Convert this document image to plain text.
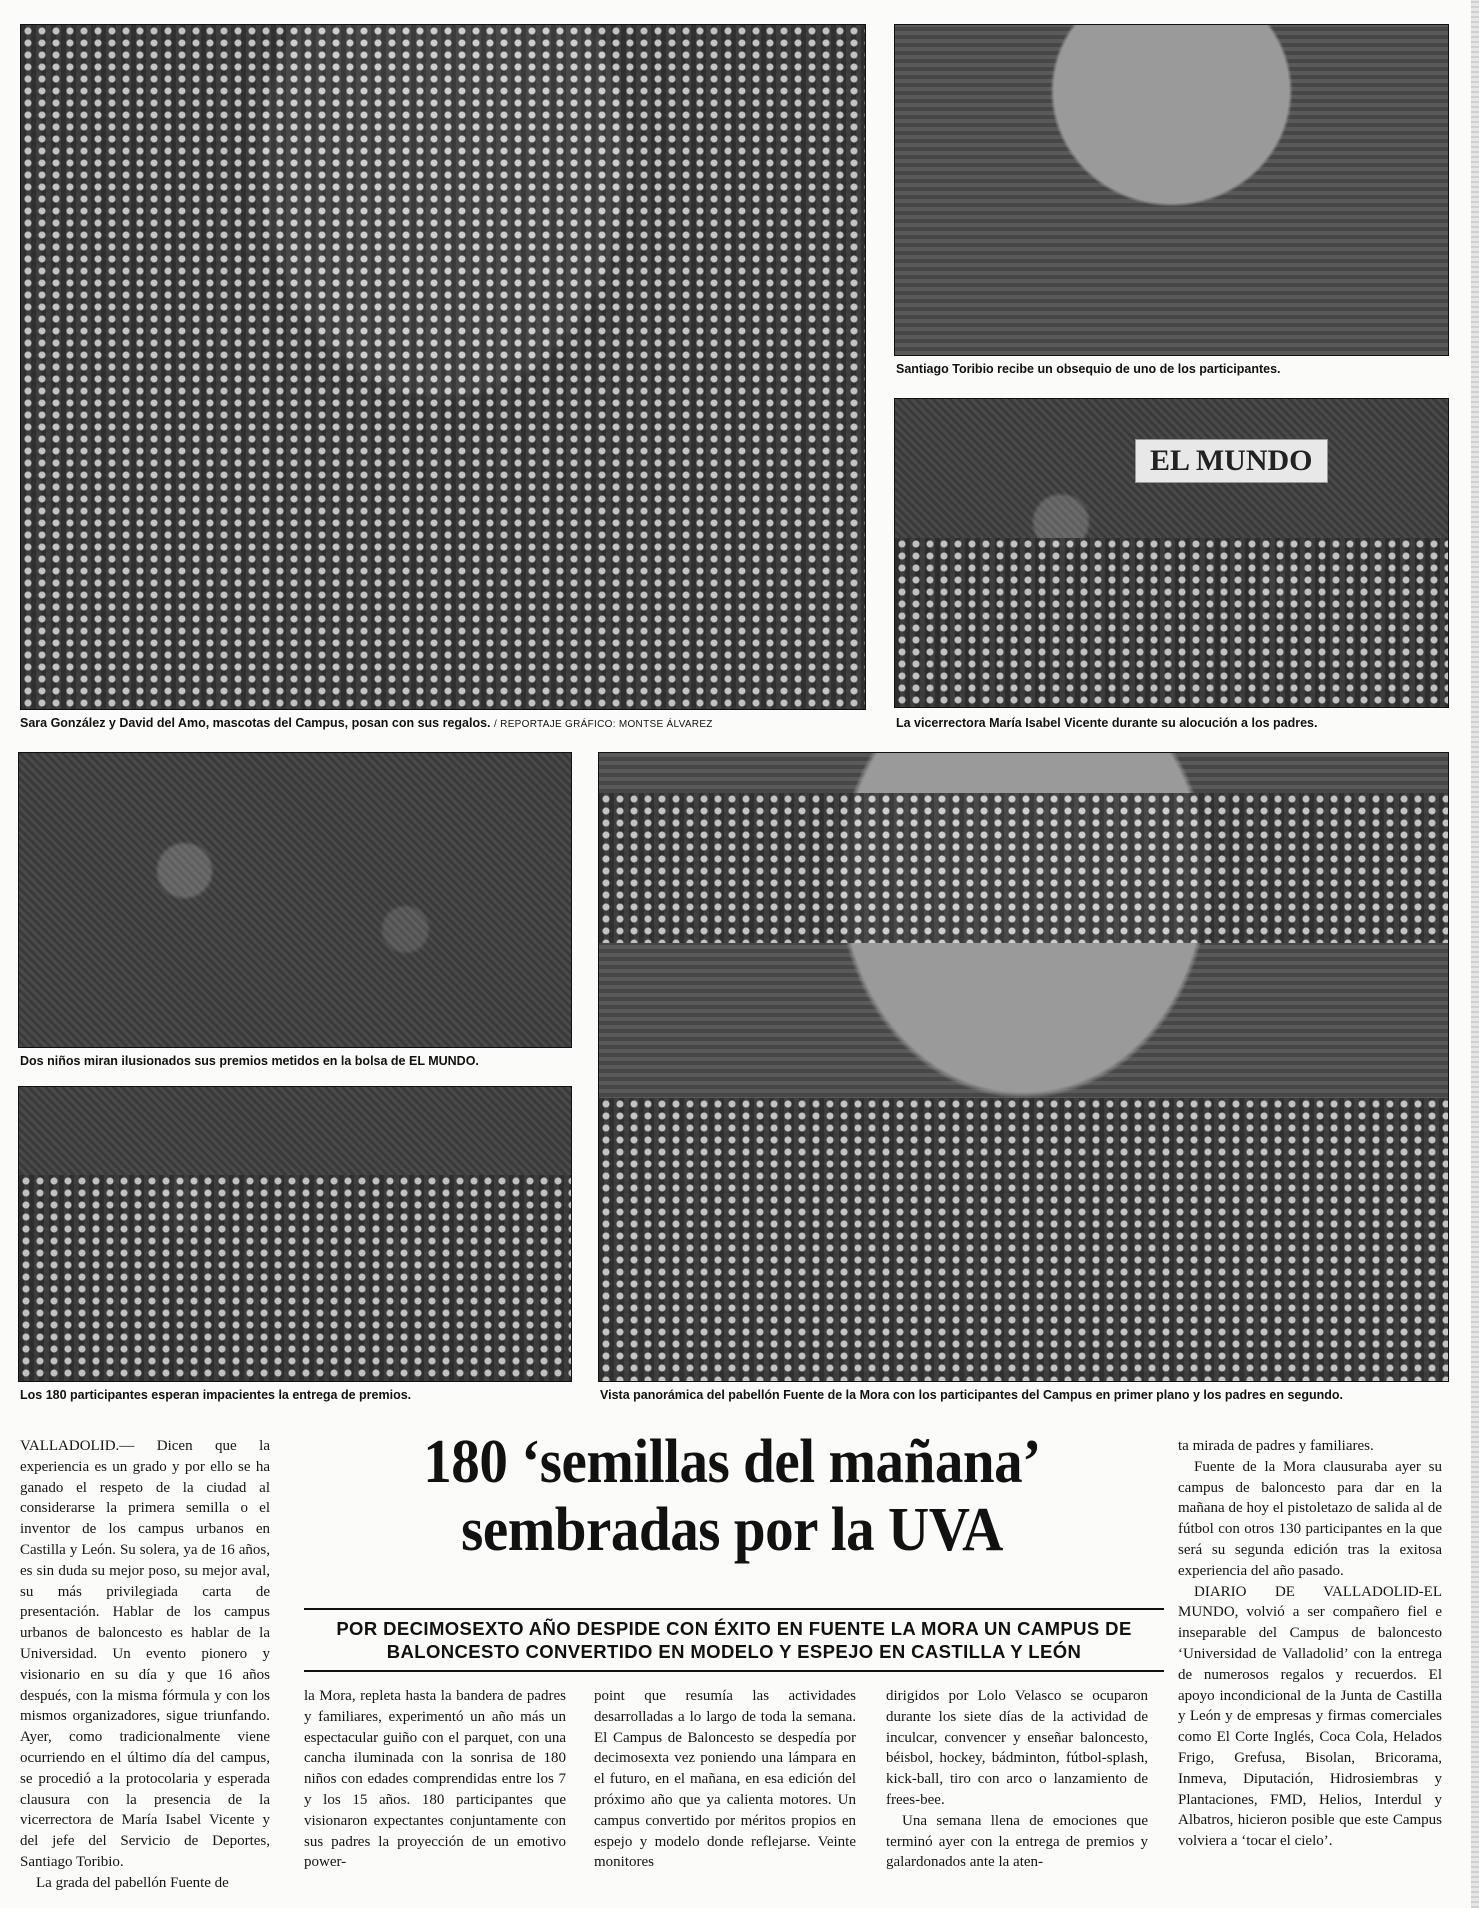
Sara González y David del Amo, mascotas del Campus, posan con sus regalos. / REPORTAJE GRÁFICO: MONTSE ÁLVAREZ
Santiago Toribio recibe un obsequio de uno de los participantes.
EL MUNDO
La vicerrectora María Isabel Vicente durante su alocución a los padres.
Dos niños miran ilusionados sus premios metidos en la bolsa de EL MUNDO.
Los 180 participantes esperan impacientes la entrega de premios.	Vista panorámica del pabellón Fuente de la Mora con los participantes del Campus en primer plano y los padres en segundo.
180 ‘semillas del mañana’
sembradas por la UVA
POR DECIMOSEXTO AÑO DESPIDE CON ÉXITO EN FUENTE LA MORA UN CAMPUS DE BALONCESTO CONVERTIDO EN MODELO Y ESPEJO EN CASTILLA Y LEÓN

VALLADOLID.— Dicen que la experiencia es un grado y por ello se ha ganado el respeto de la ciudad al considerarse la primera semilla o el inventor de los campus urbanos en Castilla y León. Su solera, ya de 16 años, es sin duda su mejor poso, su mejor aval, su más privilegiada carta de presentación. Hablar de los campus urbanos de baloncesto es hablar de la Universidad. Un evento pionero y visionario en su día y que 16 años después, con la misma fórmula y con los mismos organizadores, sigue triunfando. Ayer, como tradicionalmente viene ocurriendo en el último día del campus, se procedió a la protocolaria y esperada clausura con la presencia de la vicerrectora de María Isabel Vicente y del jefe del Servicio de Deportes, Santiago Toribio.

La grada del pabellón Fuente de

la Mora, repleta hasta la bandera de padres y familiares, experimentó un año más un espectacular guiño con el parquet, con una cancha iluminada con la sonrisa de 180 niños con edades comprendidas entre los 7 y los 15 años. 180 participantes que visionaron expectantes conjuntamente con sus padres la proyección de un emotivo power-

point que resumía las actividades desarrolladas a lo largo de toda la semana. El Campus de Baloncesto se despedía por decimosexta vez poniendo una lámpara en el futuro, en el mañana, en esa edición del próximo año que ya calienta motores. Un campus convertido por méritos propios en espejo y modelo donde reflejarse. Veinte monitores

dirigidos por Lolo Velasco se ocuparon durante los siete días de la actividad de inculcar, convencer y enseñar baloncesto, béisbol, hockey, bádminton, fútbol-splash, kick-ball, tiro con arco o lanzamiento de frees-bee.

Una semana llena de emociones que terminó ayer con la entrega de premios y galardonados ante la aten-

ta mirada de padres y familiares.

Fuente de la Mora clausuraba ayer su campus de baloncesto para dar en la mañana de hoy el pistoletazo de salida al de fútbol con otros 130 participantes en la que será su segunda edición tras la exitosa experiencia del año pasado.

DIARIO DE VALLADOLID-EL MUNDO, volvió a ser compañero fiel e inseparable del Campus de baloncesto ‘Universidad de Valladolid’ con la entrega de numerosos regalos y recuerdos. El apoyo incondicional de la Junta de Castilla y León y de empresas y firmas comerciales como El Corte Inglés, Coca Cola, Helados Frigo, Grefusa, Bisolan, Bricorama, Inmeva, Diputación, Hidrosiembras y Plantaciones, FMD, Helios, Interdul y Albatros, hicieron posible que este Campus volviera a ‘tocar el cielo’.
